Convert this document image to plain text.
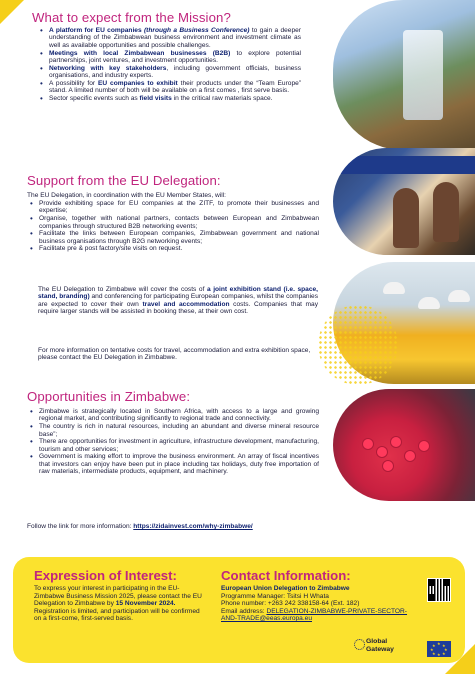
What to expect from the Mission?
• A platform for EU companies (through a Business Conference) to gain a deeper understanding of the Zimbabwean business environment and investment climate as well as available opportunities and possible challenges.
• Meetings with local Zimbabwean businesses (B2B) to explore potential partnerships, joint ventures, and investment opportunities.
• Networking with key stakeholders, including government officials, business organisations, and industry experts.
• A possibility for EU companies to exhibit their products under the “Team Europe” stand. A limited number of both will be available on a first comes , first serve basis.
• Sector specific events such as field visits in the critical raw materials space.
Support from the EU Delegation:

The EU Delegation, in coordination with the EU Member States, will:

• Provide exhibiting space for EU companies at the ZITF, to promote their businesses and expertise;
• Organise, together with national partners, contacts between European and Zimbabwean companies through structured B2B networking events;
• Facilitate the links between European companies, Zimbabwean government and national business organisations through B2G networking events;
• Facilitate pre & post factory/site visits on request.

The EU Delegation to Zimbabwe will cover the costs of a joint exhibition stand (i.e. space, stand, branding) and conferencing for participating European companies, whilst the companies are expected to cover their own travel and accommodation costs. Companies that may require larger stands will be assisted in booking these, at their own cost.

For more information on tentative costs for travel, accommodation and extra exhibition space, please contact the EU Delegation in Zimbabwe.

Opportunities in Zimbabwe:
• Zimbabwe is strategically located in Southern Africa, with access to a large and growing regional market, and contributing significantly to regional trade and connectivity.
• The country is rich in natural resources, including an abundant and diverse mineral resource base”;
• There are opportunities for investment in agriculture, infrastructure development, manufacturing, tourism and other services;
• Government is making effort to improve the business environment. An array of fiscal incentives that investors can enjoy have been put in place including tax holidays, duty free importation of raw materials, intermediate products, equipment, and machinery.

Follow the link for more information: https://zidainvest.com/why-zimbabwe/

Expression of Interest:

To express your interest in participating in the EU-Zimbabwe Business Mission 2025, please contact the EU Delegation to Zimbabwe by 15 November 2024. Registration is limited, and participation will be confirmed on a first-come, first-served basis.

Contact Information:
European Union Delegation to Zimbabwe
Programme Manager: Tsitsi H Whata
Phone number: +263 242 338158-64 (Ext. 182)
Email address: DELEGATION-ZIMBABWE-PRIVATE-SECTOR-AND-TRADE@eeas.europa.eu
Global
Gateway
★ ★
★
★
★
★
★
★
